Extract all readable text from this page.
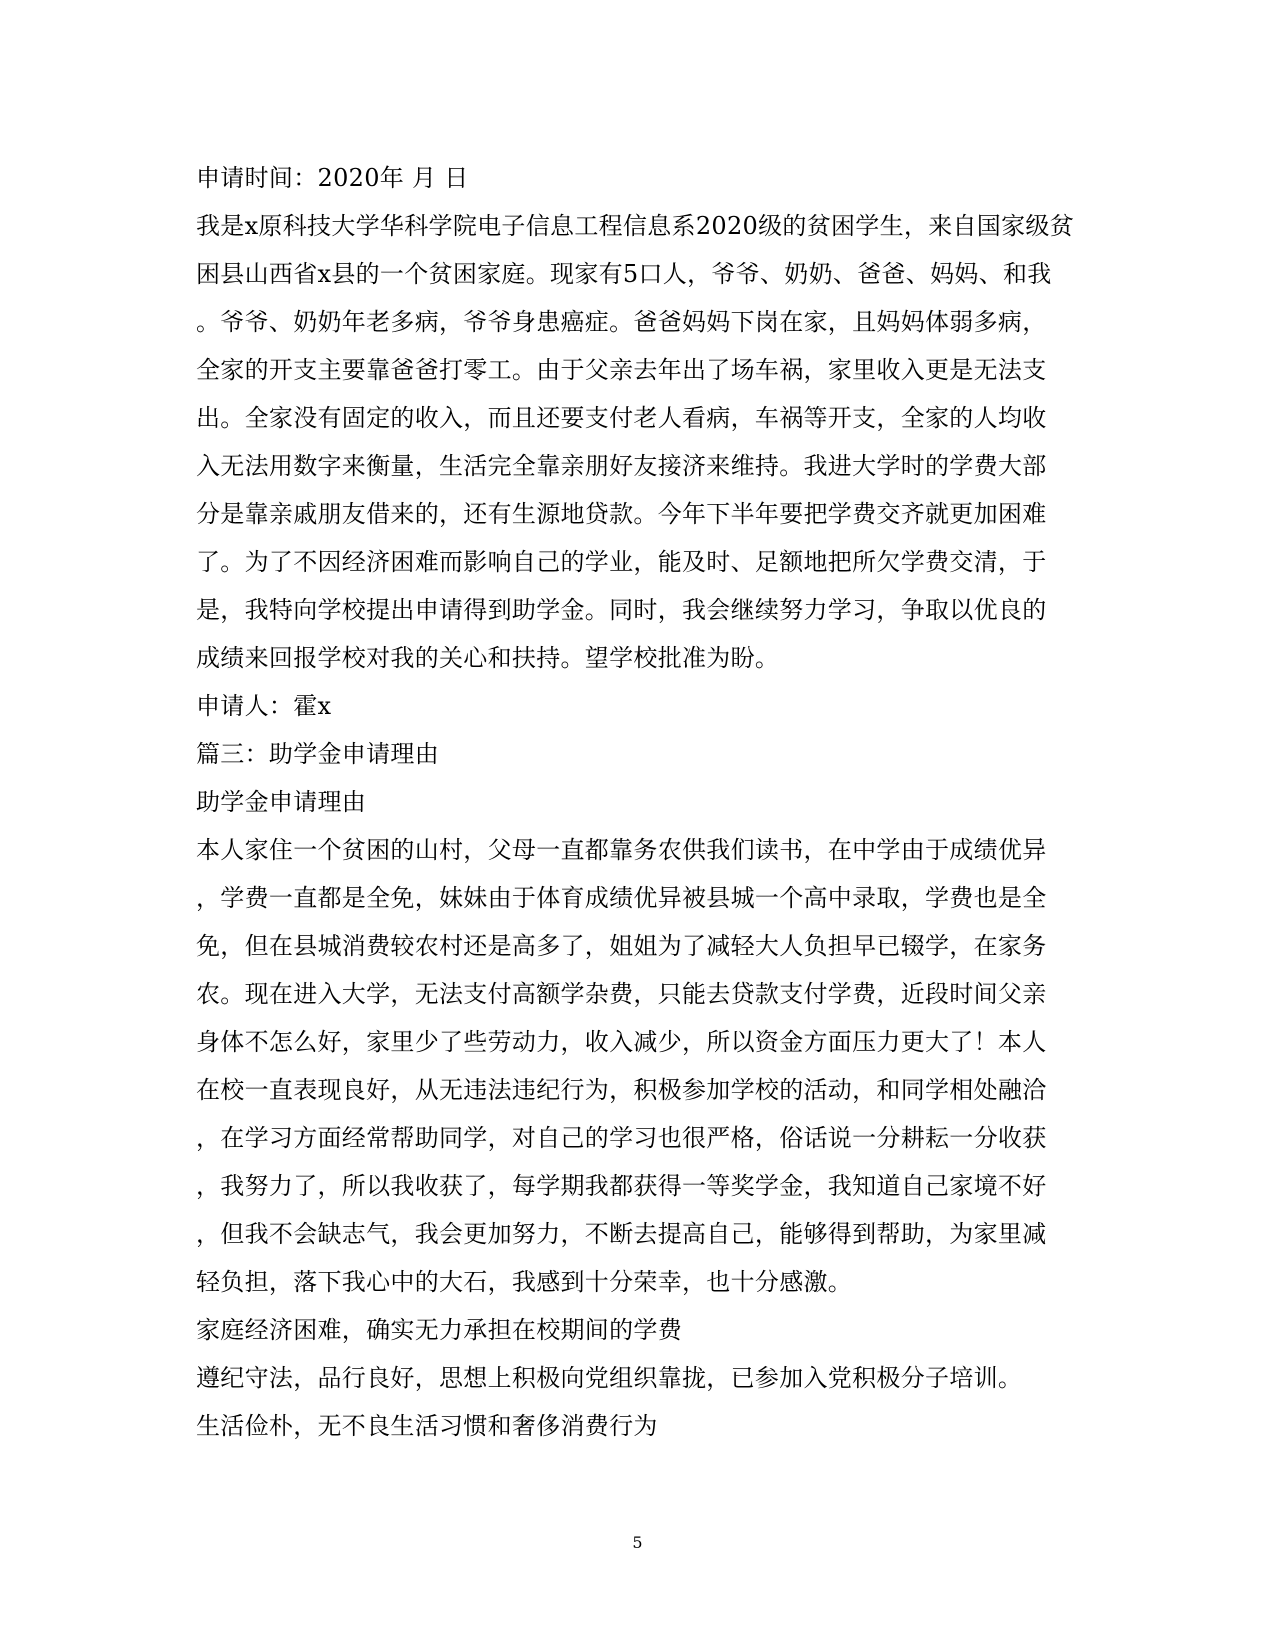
申请时间：2020年 月 日
我是x原科技大学华科学院电子信息工程信息系2020级的贫困学生，来自国家级贫
困县山西省x县的一个贫困家庭。现家有5口人，爷爷、奶奶、爸爸、妈妈、和我
。爷爷、奶奶年老多病，爷爷身患癌症。爸爸妈妈下岗在家，且妈妈体弱多病，
全家的开支主要靠爸爸打零工。由于父亲去年出了场车祸，家里收入更是无法支
出。全家没有固定的收入，而且还要支付老人看病，车祸等开支，全家的人均收
入无法用数字来衡量，生活完全靠亲朋好友接济来维持。我进大学时的学费大部
分是靠亲戚朋友借来的，还有生源地贷款。今年下半年要把学费交齐就更加困难
了。为了不因经济困难而影响自己的学业，能及时、足额地把所欠学费交清，于
是，我特向学校提出申请得到助学金。同时，我会继续努力学习，争取以优良的
成绩来回报学校对我的关心和扶持。望学校批准为盼。
申请人：霍x
篇三：助学金申请理由
助学金申请理由
本人家住一个贫困的山村，父母一直都靠务农供我们读书，在中学由于成绩优异
，学费一直都是全免，妹妹由于体育成绩优异被县城一个高中录取，学费也是全
免，但在县城消费较农村还是高多了，姐姐为了减轻大人负担早已辍学，在家务
农。现在进入大学，无法支付高额学杂费，只能去贷款支付学费，近段时间父亲
身体不怎么好，家里少了些劳动力，收入减少，所以资金方面压力更大了！本人
在校一直表现良好，从无违法违纪行为，积极参加学校的活动，和同学相处融洽
，在学习方面经常帮助同学，对自己的学习也很严格，俗话说一分耕耘一分收获
，我努力了，所以我收获了，每学期我都获得一等奖学金，我知道自己家境不好
，但我不会缺志气，我会更加努力，不断去提高自己，能够得到帮助，为家里减
轻负担，落下我心中的大石，我感到十分荣幸，也十分感激。
家庭经济困难，确实无力承担在校期间的学费
遵纪守法，品行良好，思想上积极向党组织靠拢，已参加入党积极分子培训。
生活俭朴，无不良生活习惯和奢侈消费行为
5
